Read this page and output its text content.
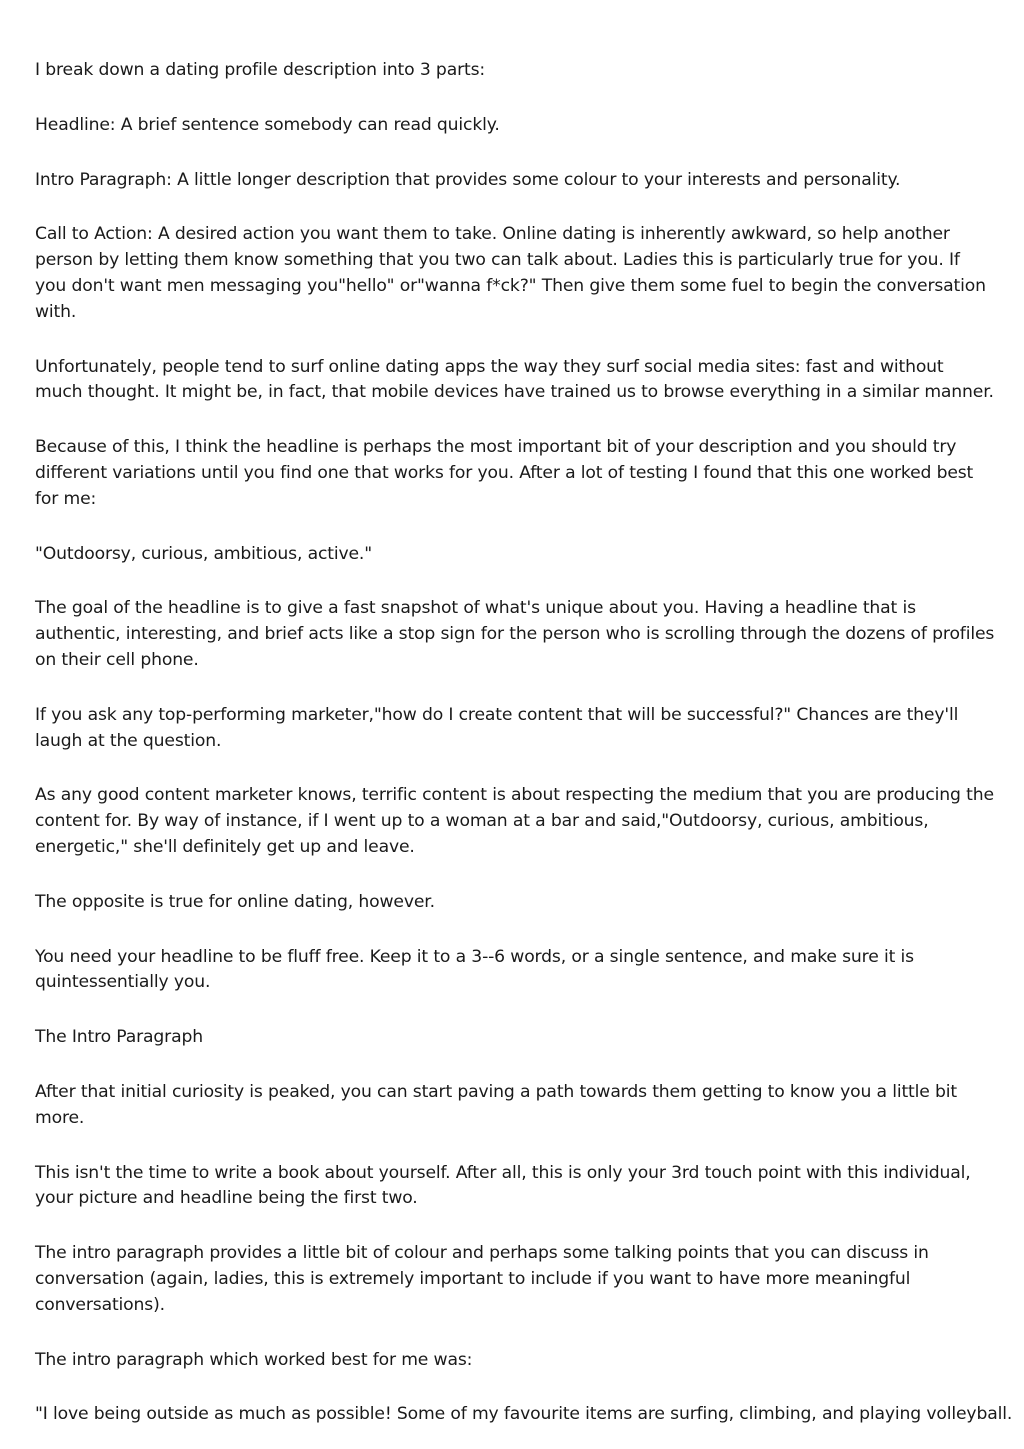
I break down a dating profile description into 3 parts:

Headline: A brief sentence somebody can read quickly.

Intro Paragraph: A little longer description that provides some colour to your interests and personality.

Call to Action: A desired action you want them to take. Online dating is inherently awkward, so help another person by letting them know something that you two can talk about. Ladies this is particularly true for you. If you don't want men messaging you"hello" or"wanna f*ck?" Then give them some fuel to begin the conversation with.

Unfortunately, people tend to surf online dating apps the way they surf social media sites: fast and without much thought. It might be, in fact, that mobile devices have trained us to browse everything in a similar manner.

Because of this, I think the headline is perhaps the most important bit of your description and you should try different variations until you find one that works for you. After a lot of testing I found that this one worked best for me:

"Outdoorsy, curious, ambitious, active."

The goal of the headline is to give a fast snapshot of what's unique about you. Having a headline that is authentic, interesting, and brief acts like a stop sign for the person who is scrolling through the dozens of profiles on their cell phone.

If you ask any top-performing marketer,"how do I create content that will be successful?" Chances are they'll laugh at the question.

As any good content marketer knows, terrific content is about respecting the medium that you are producing the content for. By way of instance, if I went up to a woman at a bar and said,"Outdoorsy, curious, ambitious, energetic," she'll definitely get up and leave.

The opposite is true for online dating, however.

You need your headline to be fluff free. Keep it to a 3--6 words, or a single sentence, and make sure it is quintessentially you.

The Intro Paragraph

After that initial curiosity is peaked, you can start paving a path towards them getting to know you a little bit more.

This isn't the time to write a book about yourself. After all, this is only your 3rd touch point with this individual, your picture and headline being the first two.

The intro paragraph provides a little bit of colour and perhaps some talking points that you can discuss in conversation (again, ladies, this is extremely important to include if you want to have more meaningful conversations).

The intro paragraph which worked best for me was:

"I love being outside as much as possible! Some of my favourite items are surfing, climbing, and playing volleyball.
